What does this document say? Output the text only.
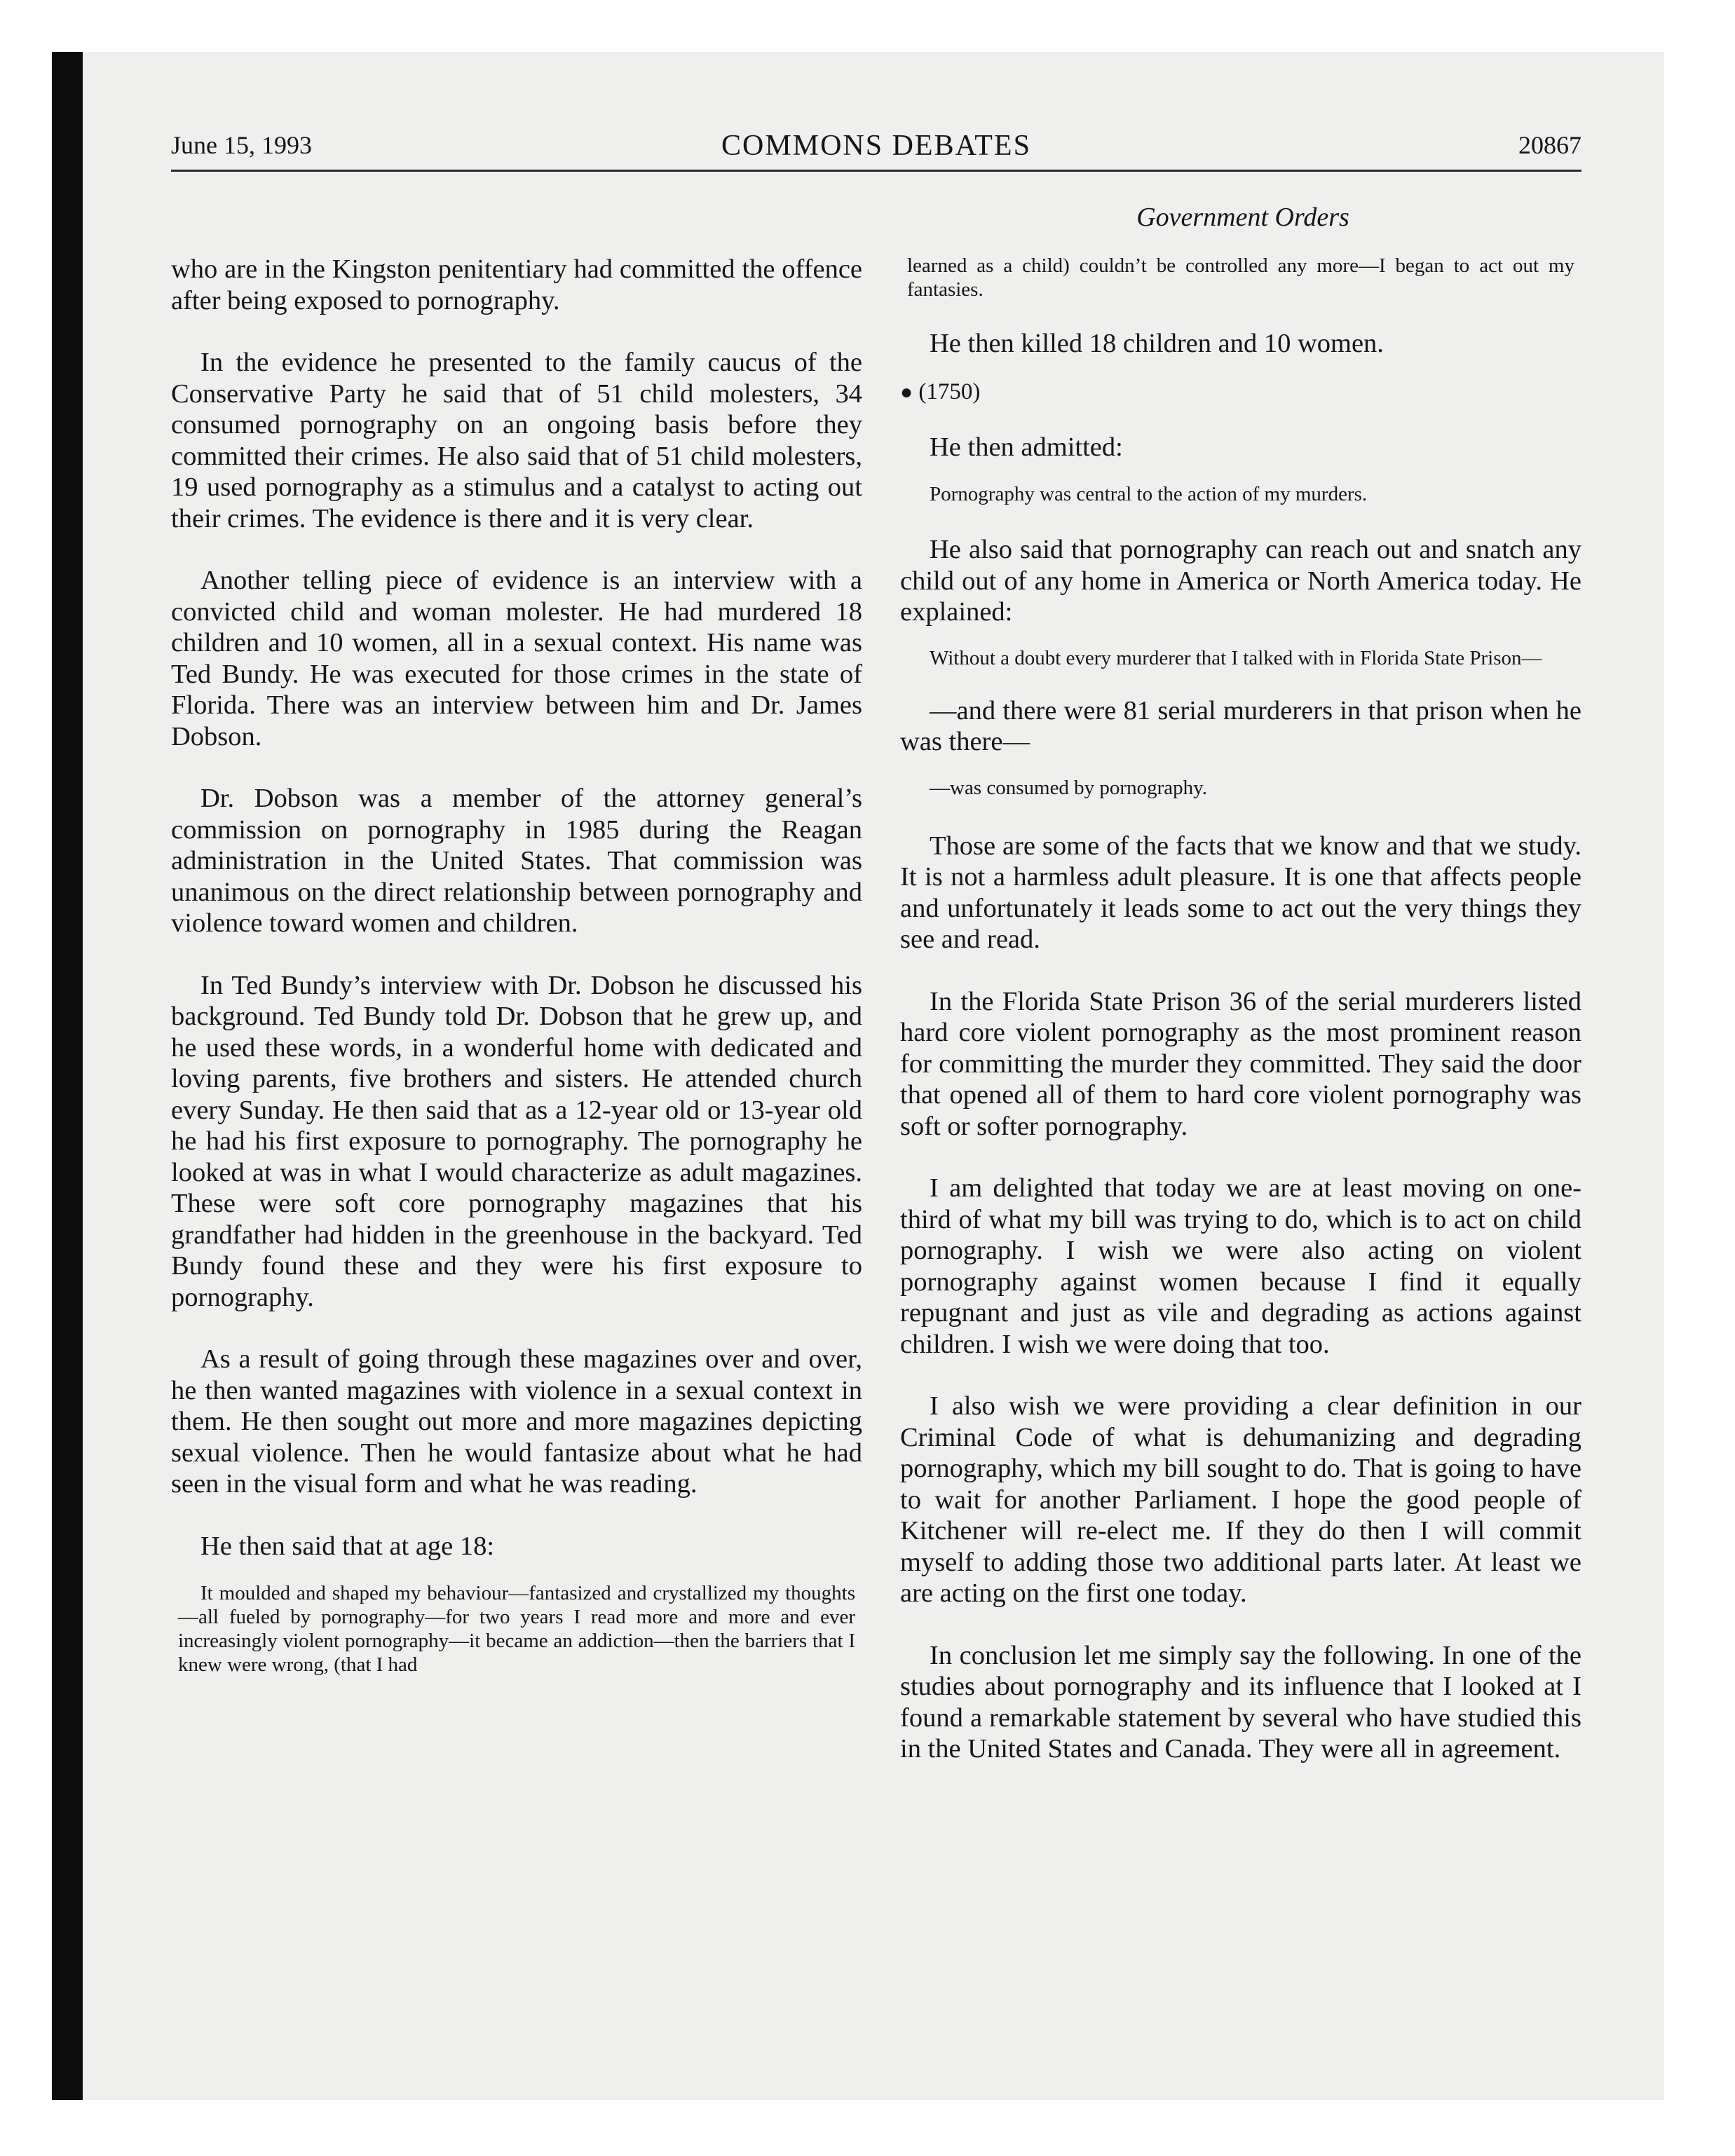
June 15, 1993	COMMONS DEBATES	20867
Government Orders

who are in the Kingston penitentiary had committed the offence after being exposed to pornography.

In the evidence he presented to the family caucus of the Conservative Party he said that of 51 child molesters, 34 consumed pornography on an ongoing basis before they committed their crimes. He also said that of 51 child molesters, 19 used pornography as a stimulus and a catalyst to acting out their crimes. The evidence is there and it is very clear.

Another telling piece of evidence is an interview with a convicted child and woman molester. He had murdered 18 children and 10 women, all in a sexual context. His name was Ted Bundy. He was executed for those crimes in the state of Florida. There was an interview between him and Dr. James Dobson.

Dr. Dobson was a member of the attorney general’s commission on pornography in 1985 during the Reagan administration in the United States. That commission was unanimous on the direct relationship between pornography and violence toward women and children.

In Ted Bundy’s interview with Dr. Dobson he discussed his background. Ted Bundy told Dr. Dobson that he grew up, and he used these words, in a wonderful home with dedicated and loving parents, five brothers and sisters. He attended church every Sunday. He then said that as a 12-year old or 13-year old he had his first exposure to pornography. The pornography he looked at was in what I would characterize as adult magazines. These were soft core pornography magazines that his grandfather had hidden in the greenhouse in the backyard. Ted Bundy found these and they were his first exposure to pornography.

As a result of going through these magazines over and over, he then wanted magazines with violence in a sexual context in them. He then sought out more and more magazines depicting sexual violence. Then he would fantasize about what he had seen in the visual form and what he was reading.

He then said that at age 18:

It moulded and shaped my behaviour—fantasized and crystallized my thoughts—all fueled by pornography—for two years I read more and more and ever increasingly violent pornography—it became an addiction—then the barriers that I knew were wrong, (that I had

learned as a child) couldn’t be controlled any more—I began to act out my fantasies.

He then killed 18 children and 10 women.

● (1750)

He then admitted:

Pornography was central to the action of my murders.

He also said that pornography can reach out and snatch any child out of any home in America or North America today. He explained:

Without a doubt every murderer that I talked with in Florida State Prison—

—and there were 81 serial murderers in that prison when he was there—

—was consumed by pornography.

Those are some of the facts that we know and that we study. It is not a harmless adult pleasure. It is one that affects people and unfortunately it leads some to act out the very things they see and read.

In the Florida State Prison 36 of the serial murderers listed hard core violent pornography as the most prominent reason for committing the murder they committed. They said the door that opened all of them to hard core violent pornography was soft or softer pornography.

I am delighted that today we are at least moving on one-third of what my bill was trying to do, which is to act on child pornography. I wish we were also acting on violent pornography against women because I find it equally repugnant and just as vile and degrading as actions against children. I wish we were doing that too.

I also wish we were providing a clear definition in our Criminal Code of what is dehumanizing and degrading pornography, which my bill sought to do. That is going to have to wait for another Parliament. I hope the good people of Kitchener will re-elect me. If they do then I will commit myself to adding those two additional parts later. At least we are acting on the first one today.

In conclusion let me simply say the following. In one of the studies about pornography and its influence that I looked at I found a remarkable statement by several who have studied this in the United States and Canada. They were all in agreement.
